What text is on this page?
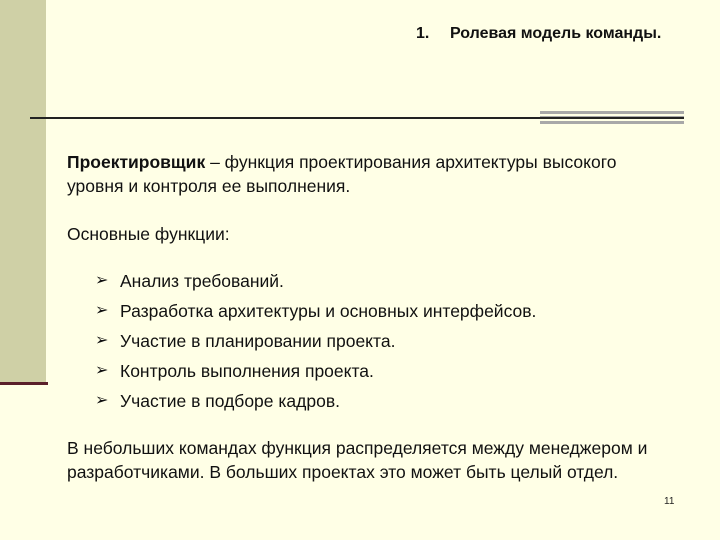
1. Ролевая модель команды.
Проектировщик – функция проектирования архитектуры высокого уровня и контроля ее выполнения.
Основные функции:
➢ Анализ требований.
➢ Разработка архитектуры и основных интерфейсов.
➢ Участие в планировании проекта.
➢ Контроль выполнения проекта.
➢ Участие в подборе кадров.
В небольших командах функция распределяется между менеджером и разработчиками. В больших проектах это может быть целый отдел.
11
